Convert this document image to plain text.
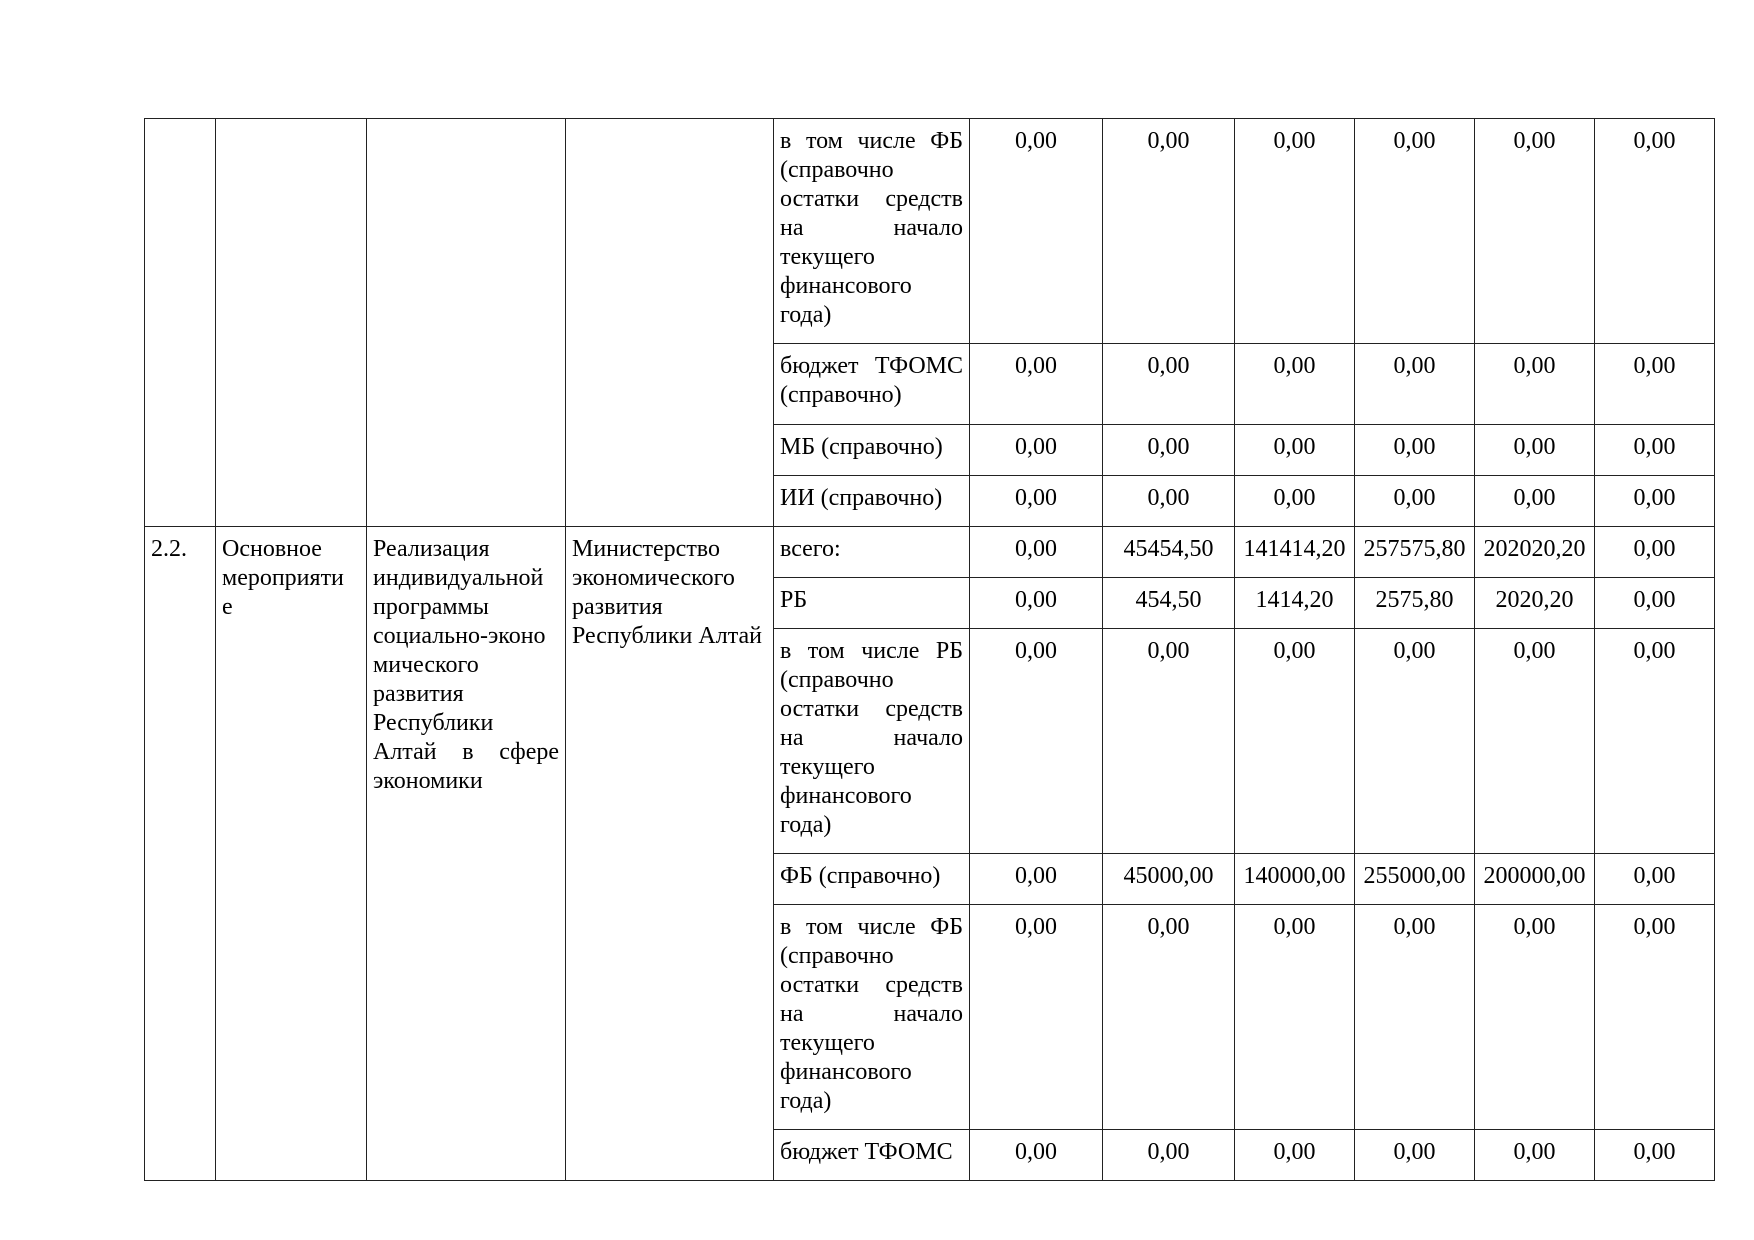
				в том числе ФБ (справочно остатки средств на начало текущего финансового года)	0,00	0,00	0,00	0,00	0,00	0,00
				бюджет ТФОМС (справочно)	0,00	0,00	0,00	0,00	0,00	0,00
				МБ (справочно)	0,00	0,00	0,00	0,00	0,00	0,00
				ИИ (справочно)	0,00	0,00	0,00	0,00	0,00	0,00
2.2.	Основное мероприяти е	Реализация индивидуальной программы социально-эконо мического развития Республики Алтай в сфере экономики	Министерство экономического развития Республики Алтай	всего:	0,00	45454,50	141414,20	257575,80	202020,20	0,00
				РБ	0,00	454,50	1414,20	2575,80	2020,20	0,00
				в том числе РБ (справочно остатки средств на начало текущего финансового года)	0,00	0,00	0,00	0,00	0,00	0,00
				ФБ (справочно)	0,00	45000,00	140000,00	255000,00	200000,00	0,00
				в том числе ФБ (справочно остатки средств на начало текущего финансового года)	0,00	0,00	0,00	0,00	0,00	0,00
				бюджет ТФОМС	0,00	0,00	0,00	0,00	0,00	0,00
